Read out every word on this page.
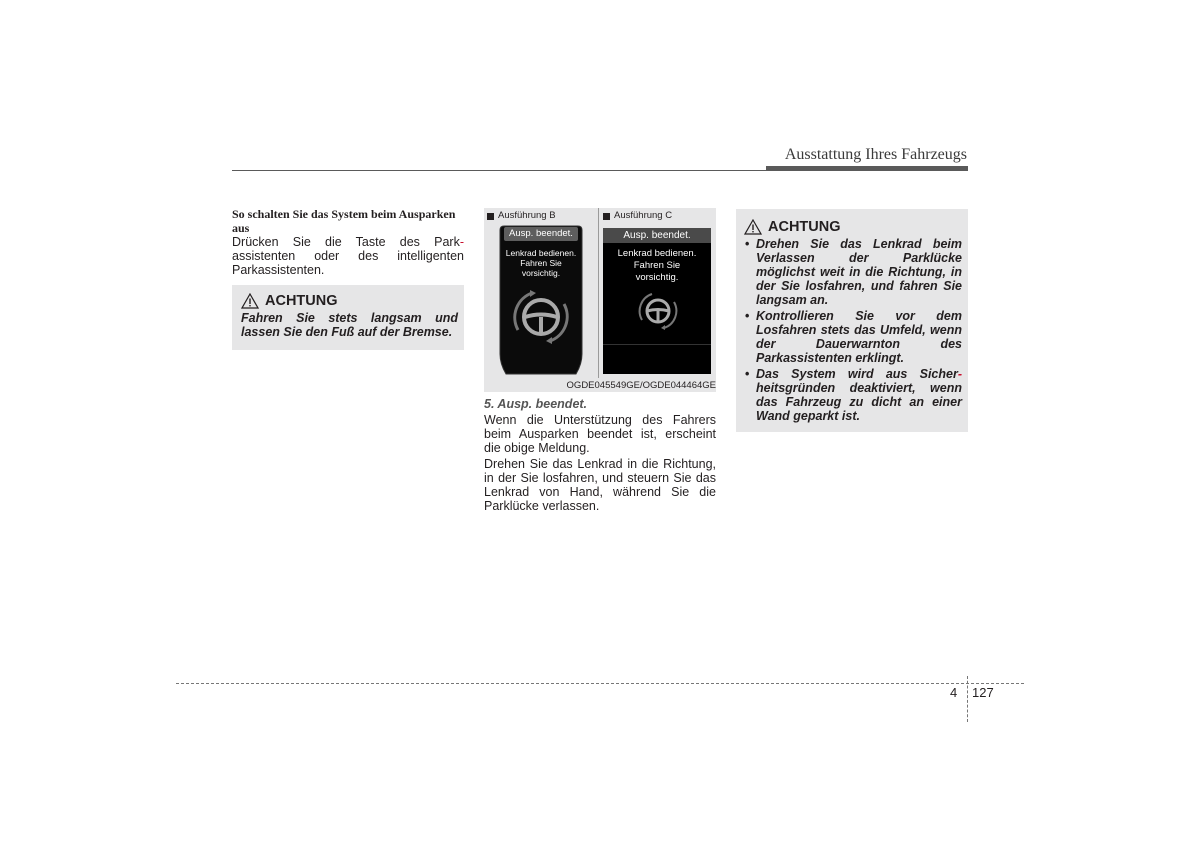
Ausstattung Ihres Fahrzeugs

So schalten Sie das System beim Ausparken aus

Drücken Sie die Taste des Park- assistenten oder des intelligenten Parkassistenten.

ACHTUNG

Fahren Sie stets langsam und lassen Sie den Fuß auf der Bremse.

Ausführung B	Ausführung C
Ausp. beendet.
Lenkrad bedienen.
Fahren Sie
vorsichtig.
Ausp. beendet.
Lenkrad bedienen.
Fahren Sie
vorsichtig.
OGDE045549GE/OGDE044464GE
5. Ausp. beendet.

Wenn die Unterstützung des Fahrers beim Ausparken beendet ist, erscheint die obige Meldung.

Drehen Sie das Lenkrad in die Richtung, in der Sie losfahren, und steuern Sie das Lenkrad von Hand, während Sie die Parklücke verlassen.

ACHTUNG
• Drehen Sie das Lenkrad beim Verlassen der Parklücke möglichst weit in die Richtung, in der Sie losfahren, und fahren Sie langsam an.
• Kontrollieren Sie vor dem Losfahren stets das Umfeld, wenn der Dauerwarnton des Parkassistenten erklingt.
• Das System wird aus Sicher- heitsgründen deaktiviert, wenn das Fahrzeug zu dicht an einer Wand geparkt ist.
4 127
